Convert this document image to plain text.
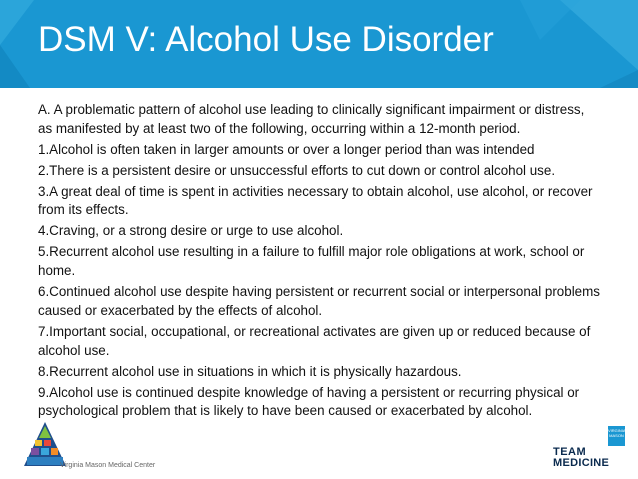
DSM V: Alcohol Use Disorder

A. A problematic pattern of alcohol use leading to clinically significant impairment or distress, as manifested by at least two of the following, occurring within a 12-month period.

1.Alcohol is often taken in larger amounts or over a longer period than was intended

2.There is a persistent desire or unsuccessful efforts to cut down or control alcohol use.

3.A great deal of time is spent in activities necessary to obtain alcohol, use alcohol, or recover from its effects.

4.Craving, or a strong desire or urge to use alcohol.

5.Recurrent alcohol use resulting in a failure to fulfill major role obligations at work, school or home.

6.Continued alcohol use despite having persistent or recurrent social or interpersonal problems caused or exacerbated by the effects of alcohol.

7.Important social, occupational, or recreational activates are given up or reduced because of alcohol use.

8.Recurrent alcohol use in situations in which it is physically hazardous.

9.Alcohol use is continued despite knowledge of having a persistent or recurring physical or psychological problem that is likely to have been caused or exacerbated by alcohol.

Virginia Mason Medical Center
VIRGINIA MASON
TEAM
MEDICINE
